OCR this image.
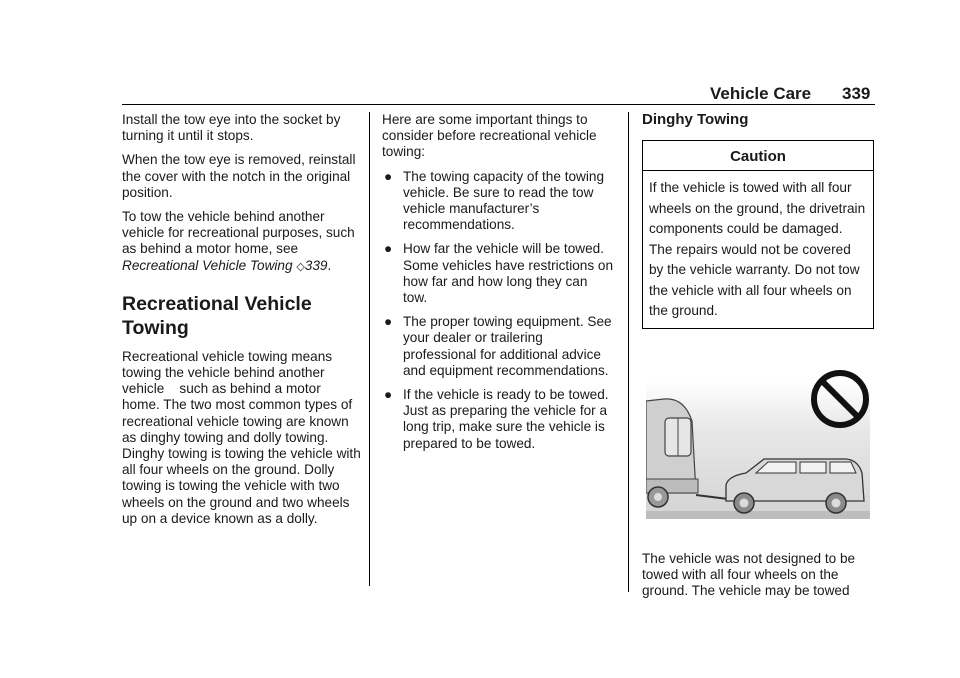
Vehicle Care 339

Install the tow eye into the socket by turning it until it stops.

When the tow eye is removed, reinstall the cover with the notch in the original position.

To tow the vehicle behind another vehicle for recreational purposes, such as behind a motor home, see Recreational Vehicle Towing ◇339.

Recreational Vehicle Towing

Recreational vehicle towing means towing the vehicle behind another vehicle    such as behind a motor home. The two most common types of recreational vehicle towing are known as dinghy towing and dolly towing. Dinghy towing is towing the vehicle with all four wheels on the ground. Dolly towing is towing the vehicle with two wheels on the ground and two wheels up on a device known as a dolly.

Here are some important things to consider before recreational vehicle towing:

● The towing capacity of the towing vehicle. Be sure to read the tow vehicle manufacturer’s recommendations.
● How far the vehicle will be towed. Some vehicles have restrictions on how far and how long they can tow.
● The proper towing equipment. See your dealer or trailering professional for additional advice and equipment recommendations.
● If the vehicle is ready to be towed. Just as preparing the vehicle for a long trip, make sure the vehicle is prepared to be towed.
Dinghy Towing
Caution
If the vehicle is towed with all four wheels on the ground, the drivetrain components could be damaged. The repairs would not be covered by the vehicle warranty. Do not tow the vehicle with all four wheels on the ground.

The vehicle was not designed to be towed with all four wheels on the ground. The vehicle may be towed
